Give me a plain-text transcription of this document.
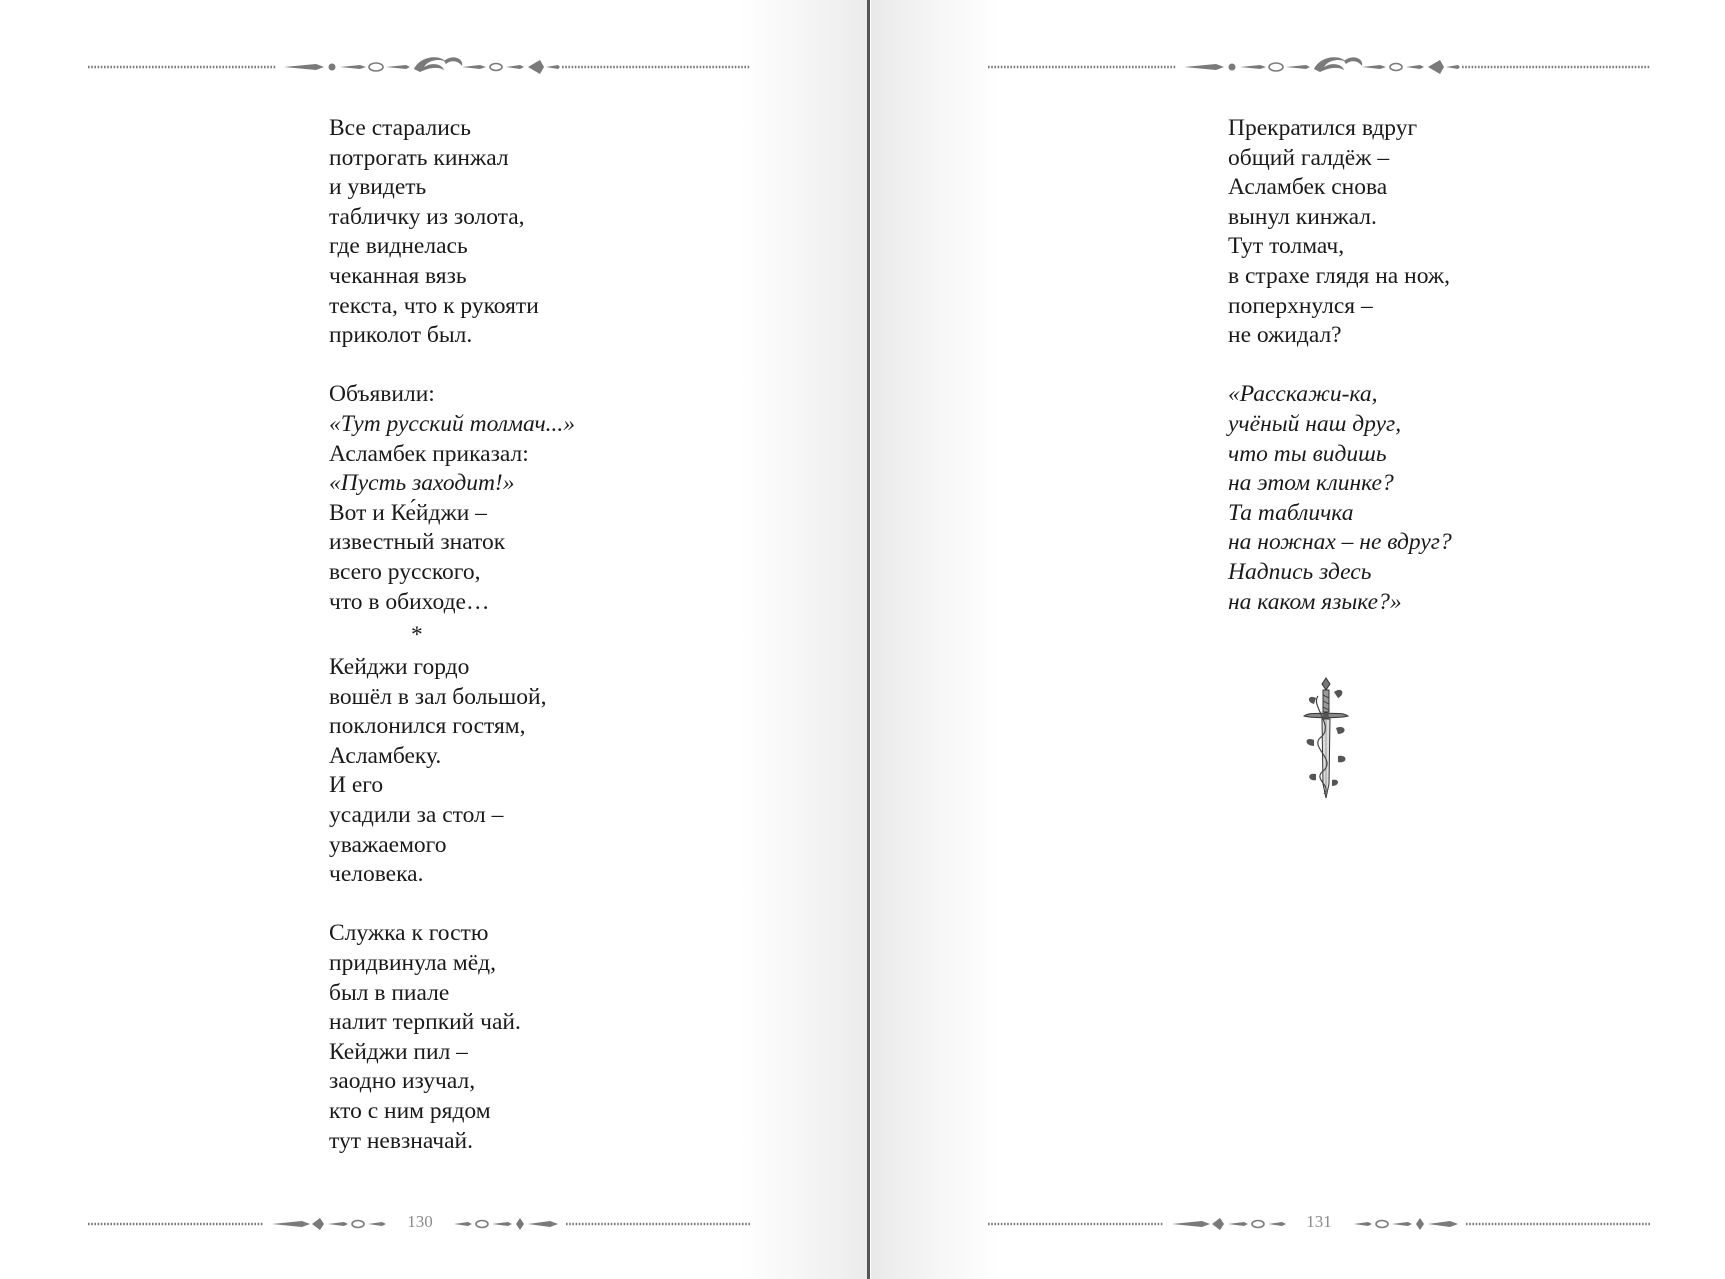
Все старались
потрогать кинжал
и увидеть
табличку из золота,
где виднелась
чеканная вязь
текста, что к рукояти
приколот был.
Объявили:
«Тут русский толмач...»
Асламбек приказал:
«Пусть заходит!»
Вот и Ке́йджи –
известный знаток
всего русского,
что в обиходе…
*
Кейджи гордо
вошёл в зал большой,
поклонился гостям,
Асламбеку.
И его
усадили за стол –
уважаемого
человека.
Служка к гостю
придвинула мёд,
был в пиале
налит терпкий чай.
Кейджи пил –
заодно изучал,
кто с ним рядом
тут невзначай.
130
Прекратился вдруг
общий галдёж –
Асламбек снова
вынул кинжал.
Тут толмач,
в страхе глядя на нож,
поперхнулся –
не ожидал?
«Расскажи-ка,
учёный наш друг,
что ты видишь
на этом клинке?
Та табличка
на ножнах – не вдруг?
Надпись здесь
на каком языке?»
131
